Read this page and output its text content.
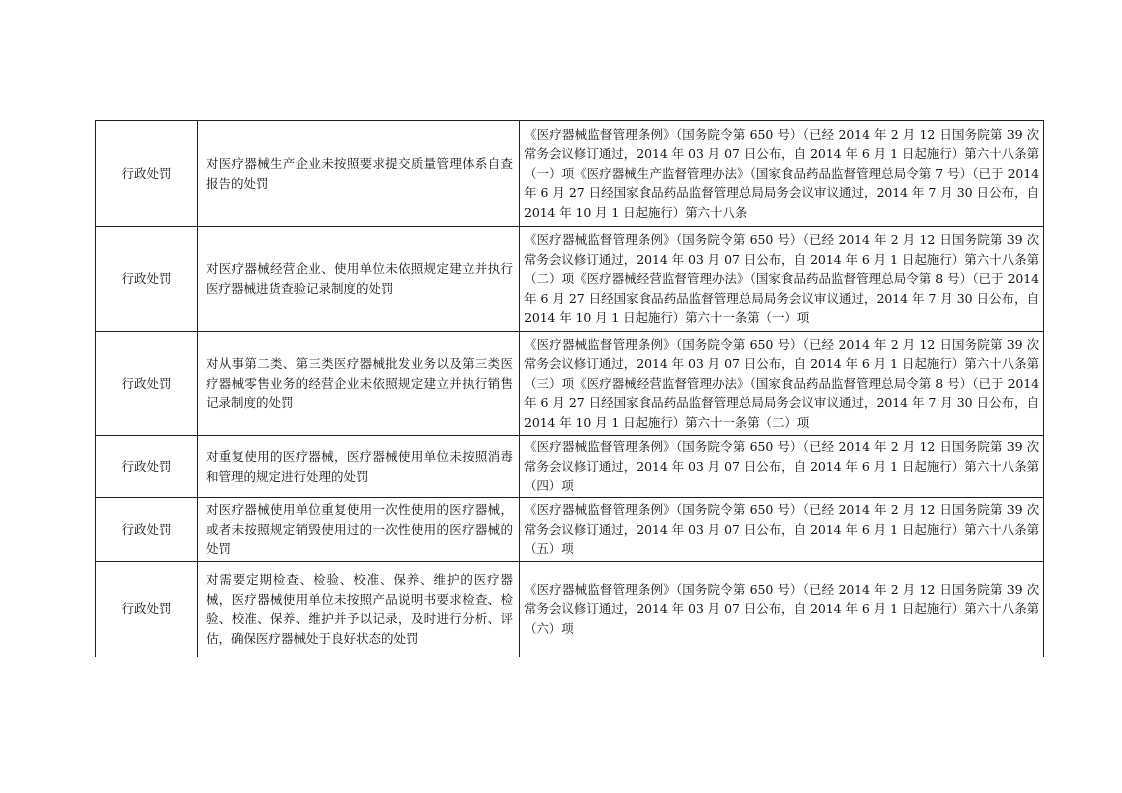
行政处罚	对医疗器械生产企业未按照要求提交质量管理体系自查报告的处罚	《医疗器械监督管理条例》（国务院令第 650 号）（已经 2014 年 2 月 12 日国务院第 39 次常务会议修订通过，2014 年 03 月 07 日公布，自 2014 年 6 月 1 日起施行）第六十八条第（一）项《医疗器械生产监督管理办法》（国家食品药品监督管理总局令第 7 号）（已于 2014 年 6 月 27 日经国家食品药品监督管理总局局务会议审议通过，2014 年 7 月 30 日公布，自 2014 年 10 月 1 日起施行）第六十八条
行政处罚	对医疗器械经营企业、使用单位未依照规定建立并执行医疗器械进货查验记录制度的处罚	《医疗器械监督管理条例》（国务院令第 650 号）（已经 2014 年 2 月 12 日国务院第 39 次常务会议修订通过，2014 年 03 月 07 日公布，自 2014 年 6 月 1 日起施行）第六十八条第（二）项《医疗器械经营监督管理办法》（国家食品药品监督管理总局令第 8 号）（已于 2014 年 6 月 27 日经国家食品药品监督管理总局局务会议审议通过，2014 年 7 月 30 日公布，自 2014 年 10 月 1 日起施行）第六十一条第（一）项
行政处罚	对从事第二类、第三类医疗器械批发业务以及第三类医疗器械零售业务的经营企业未依照规定建立并执行销售记录制度的处罚	《医疗器械监督管理条例》（国务院令第 650 号）（已经 2014 年 2 月 12 日国务院第 39 次常务会议修订通过，2014 年 03 月 07 日公布，自 2014 年 6 月 1 日起施行）第六十八条第（三）项《医疗器械经营监督管理办法》（国家食品药品监督管理总局令第 8 号）（已于 2014 年 6 月 27 日经国家食品药品监督管理总局局务会议审议通过，2014 年 7 月 30 日公布，自 2014 年 10 月 1 日起施行）第六十一条第（二）项
行政处罚	对重复使用的医疗器械，医疗器械使用单位未按照消毒和管理的规定进行处理的处罚	《医疗器械监督管理条例》（国务院令第 650 号）（已经 2014 年 2 月 12 日国务院第 39 次常务会议修订通过，2014 年 03 月 07 日公布，自 2014 年 6 月 1 日起施行）第六十八条第（四）项
行政处罚	对医疗器械使用单位重复使用一次性使用的医疗器械，或者未按照规定销毁使用过的一次性使用的医疗器械的处罚	《医疗器械监督管理条例》（国务院令第 650 号）（已经 2014 年 2 月 12 日国务院第 39 次常务会议修订通过，2014 年 03 月 07 日公布，自 2014 年 6 月 1 日起施行）第六十八条第（五）项
行政处罚	对需要定期检查、检验、校准、保养、维护的医疗器械，医疗器械使用单位未按照产品说明书要求检查、检验、校准、保养、维护并予以记录，及时进行分析、评估，确保医疗器械处于良好状态的处罚	《医疗器械监督管理条例》（国务院令第 650 号）（已经 2014 年 2 月 12 日国务院第 39 次常务会议修订通过，2014 年 03 月 07 日公布，自 2014 年 6 月 1 日起施行）第六十八条第（六）项
